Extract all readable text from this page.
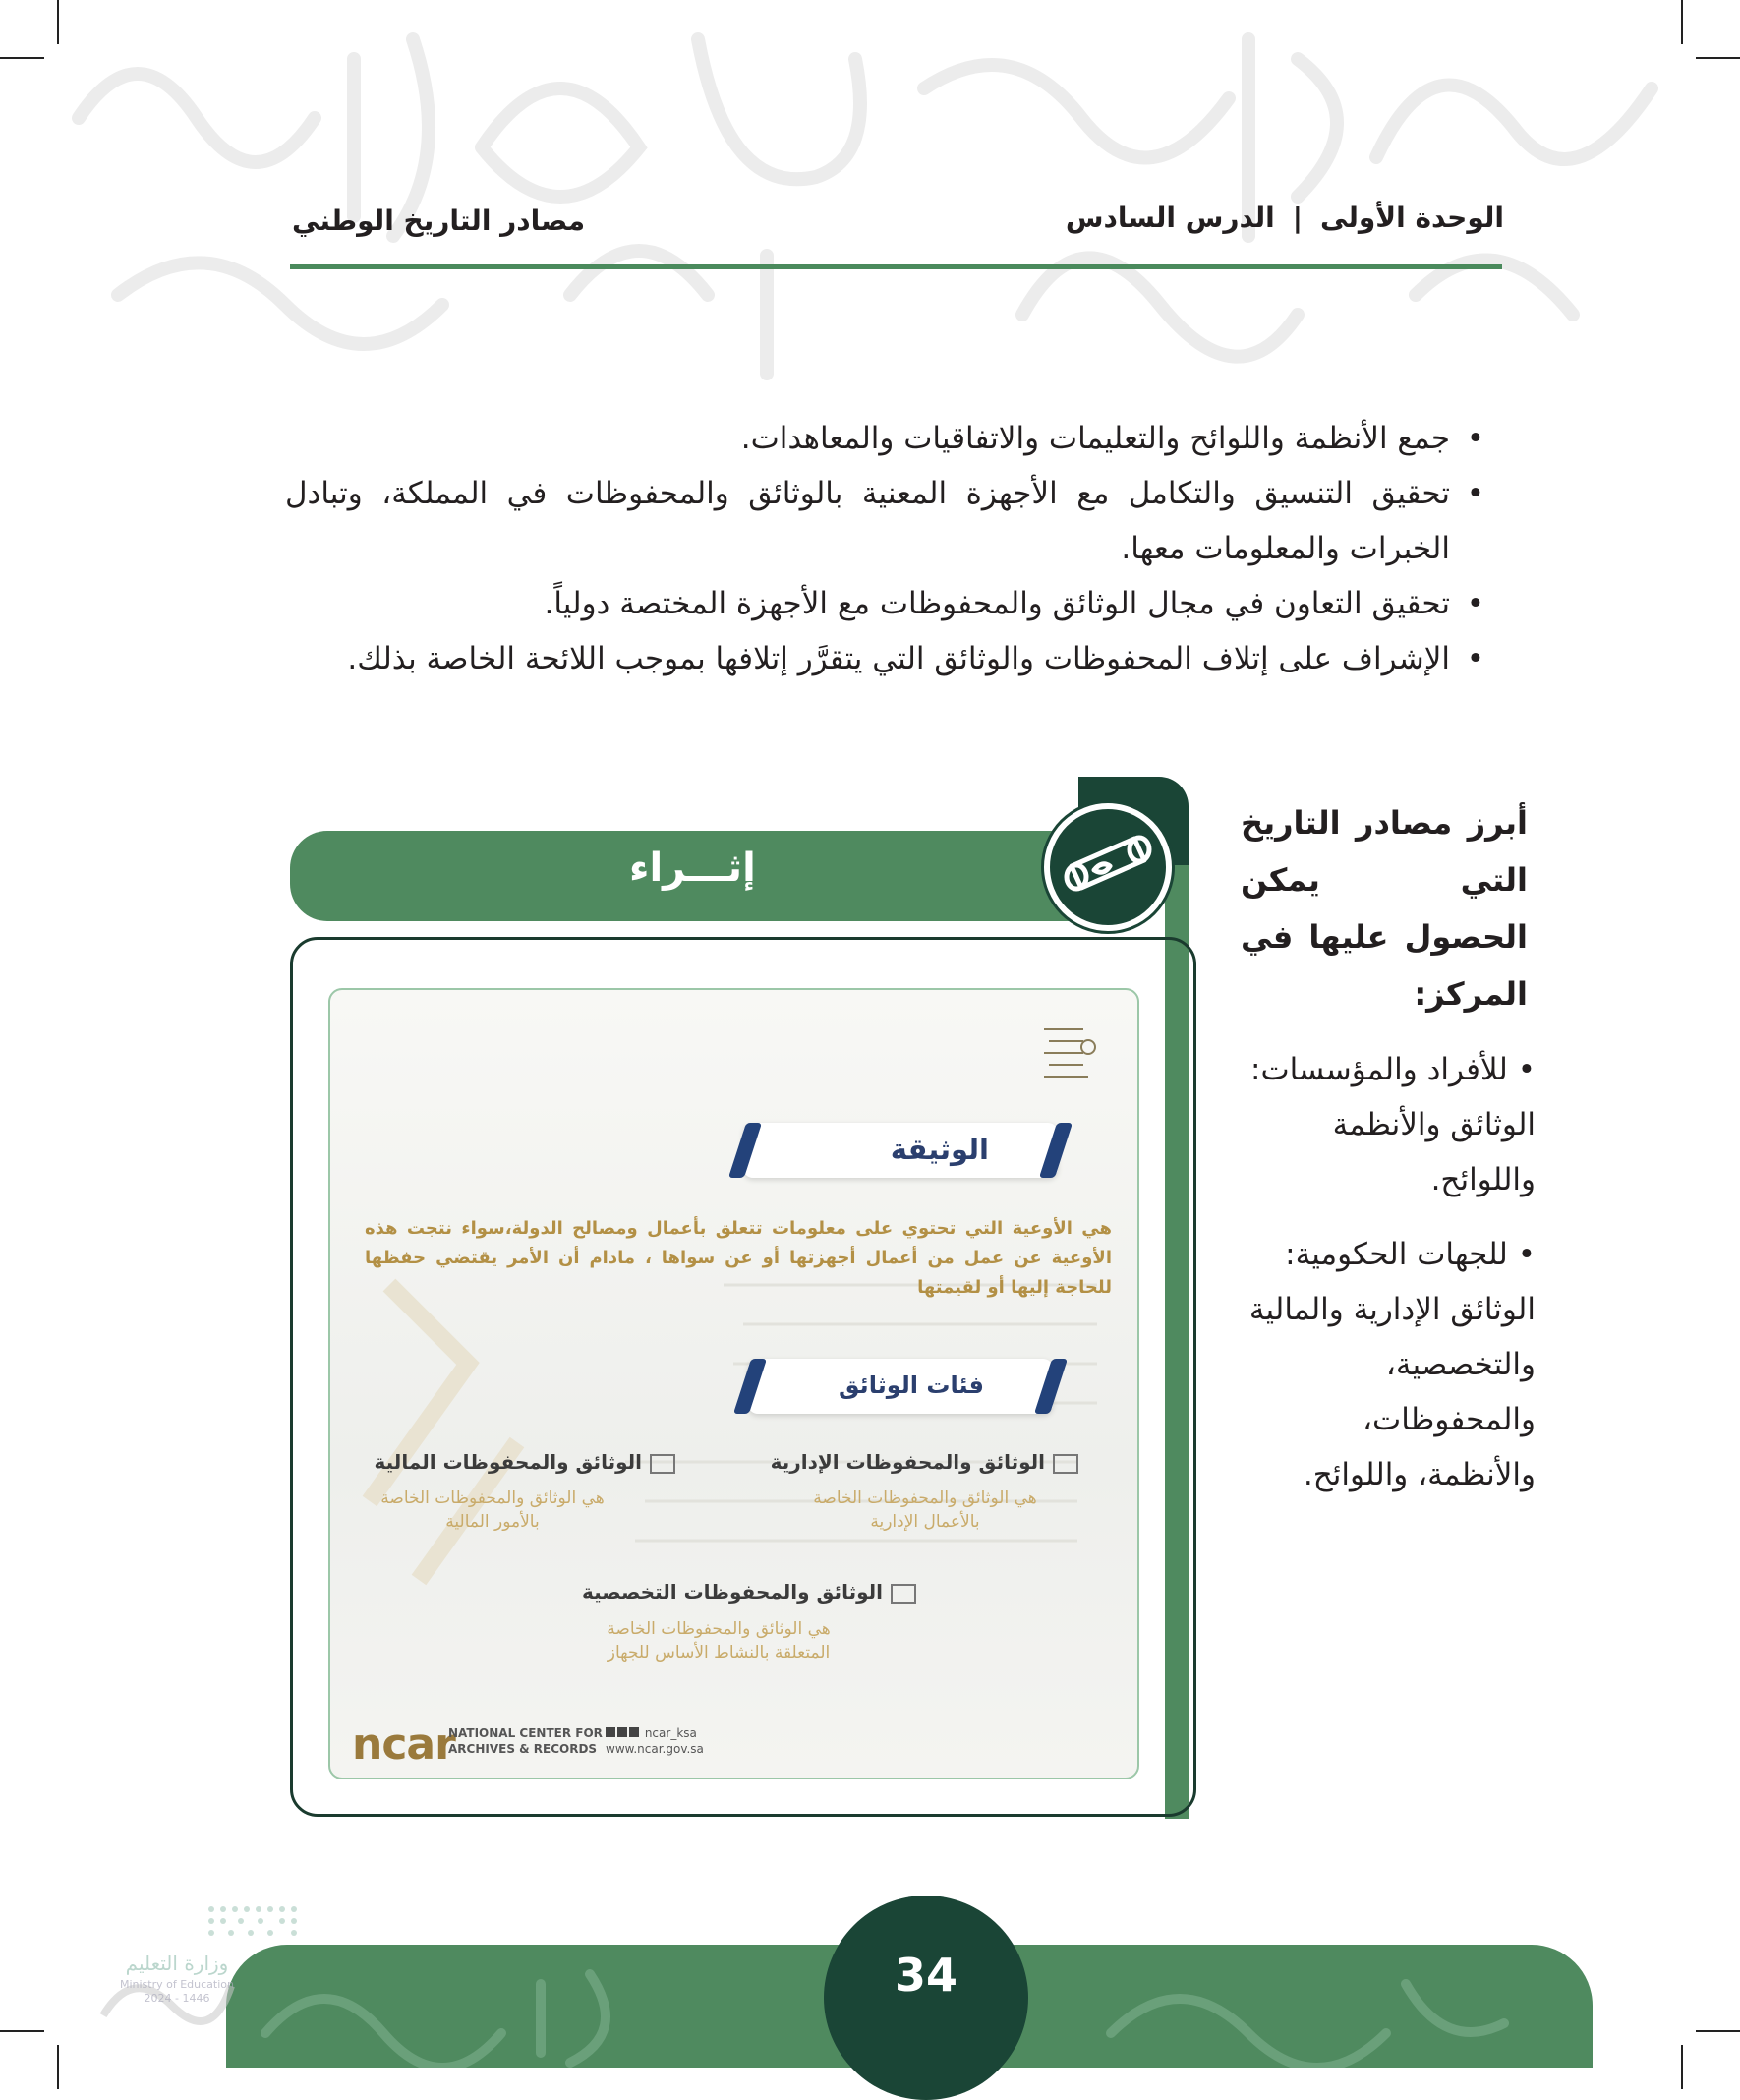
الوحدة الأولى|الدرس السادس
مصادر التاريخ الوطني
• جمع الأنظمة واللوائح والتعليمات والاتفاقيات والمعاهدات.
• تحقيق التنسيق والتكامل مع الأجهزة المعنية بالوثائق والمحفوظات في المملكة، وتبادل الخبرات والمعلومات معها.
• تحقيق التعاون في مجال الوثائق والمحفوظات مع الأجهزة المختصة دولياً.
• الإشراف على إتلاف المحفوظات والوثائق التي يتقرَّر إتلافها بموجب اللائحة الخاصة بذلك.
أبرز مصادر التاريخ التي يمكن الحصول عليها في المركز:

• للأفراد والمؤسسات: الوثائق والأنظمة واللوائح.

• للجهات الحكومية: الوثائق الإدارية والمالية والتخصصية، والمحفوظات، والأنظمة، واللوائح.

إثـــراء
الوثيقة
هي الأوعية التي تحتوي على معلومات تتعلق بأعمال ومصالح الدولة،سواء نتجت هذه الأوعية عن عمل من أعمال أجهزتها أو عن سواها ، مادام أن الأمر يقتضي حفظها للحاجة إليها أو لقيمتها
فئات الوثائق
الوثائق والمحفوظات الإدارية
هي الوثائق والمحفوظات الخاصة بالأعمال الإدارية
الوثائق والمحفوظات المالية
هي الوثائق والمحفوظات الخاصة بالأمور المالية
الوثائق والمحفوظات التخصصية
هي الوثائق والمحفوظات الخاصة المتعلقة بالنشاط الأساس للجهاز
ncar
NATIONAL CENTER FOR
ARCHIVES & RECORDS
ncar_ksa
www.ncar.gov.sa
34
وزارة التعليم
Ministry of Education
2024 - 1446
